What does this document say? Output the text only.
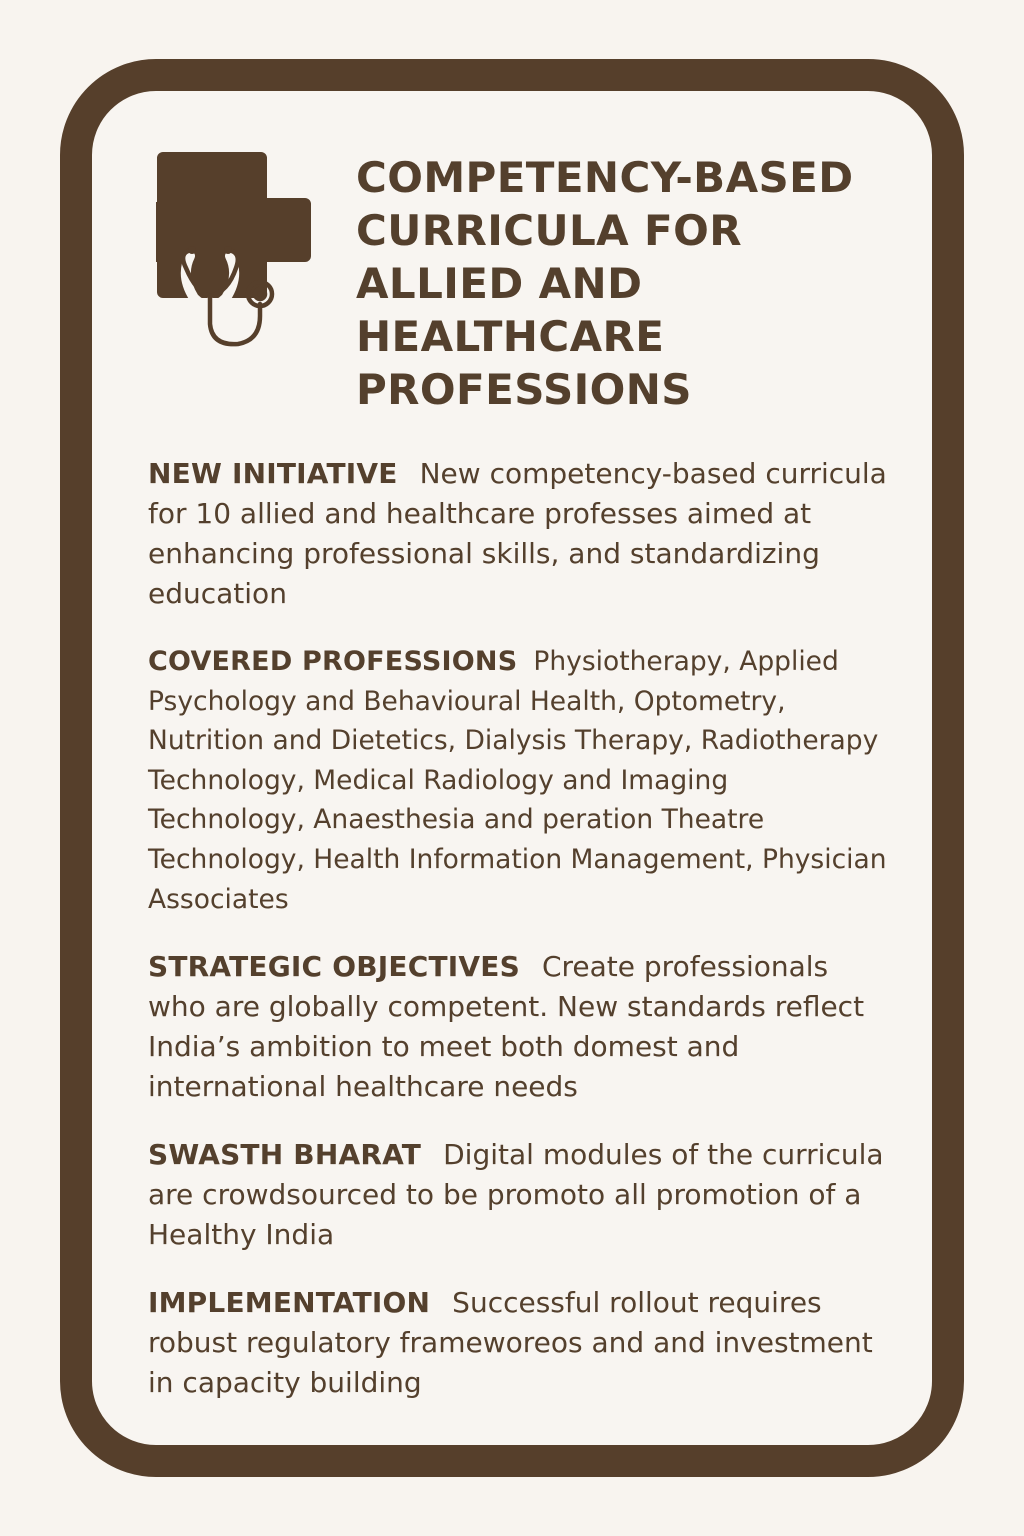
COMPETENCY-BASED
CURRICULA FOR
ALLIED AND
HEALTHCARE
PROFESSIONS

NEW INITIATIVE New competency-based curricula for 10 allied and healthcare professes aimed at enhancing professional skills, and standardizing education

COVERED PROFESSIONS Physiotherapy, Applied Psychology and Behavioural Health, Optometry, Nutrition and Dietetics, Dialysis Therapy, Radiotherapy Technology, Medical Radiology and Imaging Technology, Anaesthesia and peration Theatre Technology, Health Information Management, Physician Associates

STRATEGIC OBJECTIVES Create professionals who are globally competent. New standards reflect India’s ambition to meet both domest and international healthcare needs

SWASTH BHARAT Digital modules of the curricula are crowdsourced to be promoto all promotion of a Healthy India

IMPLEMENTATION Successful rollout requires robust regulatory frameworeos and and investment in capacity building
